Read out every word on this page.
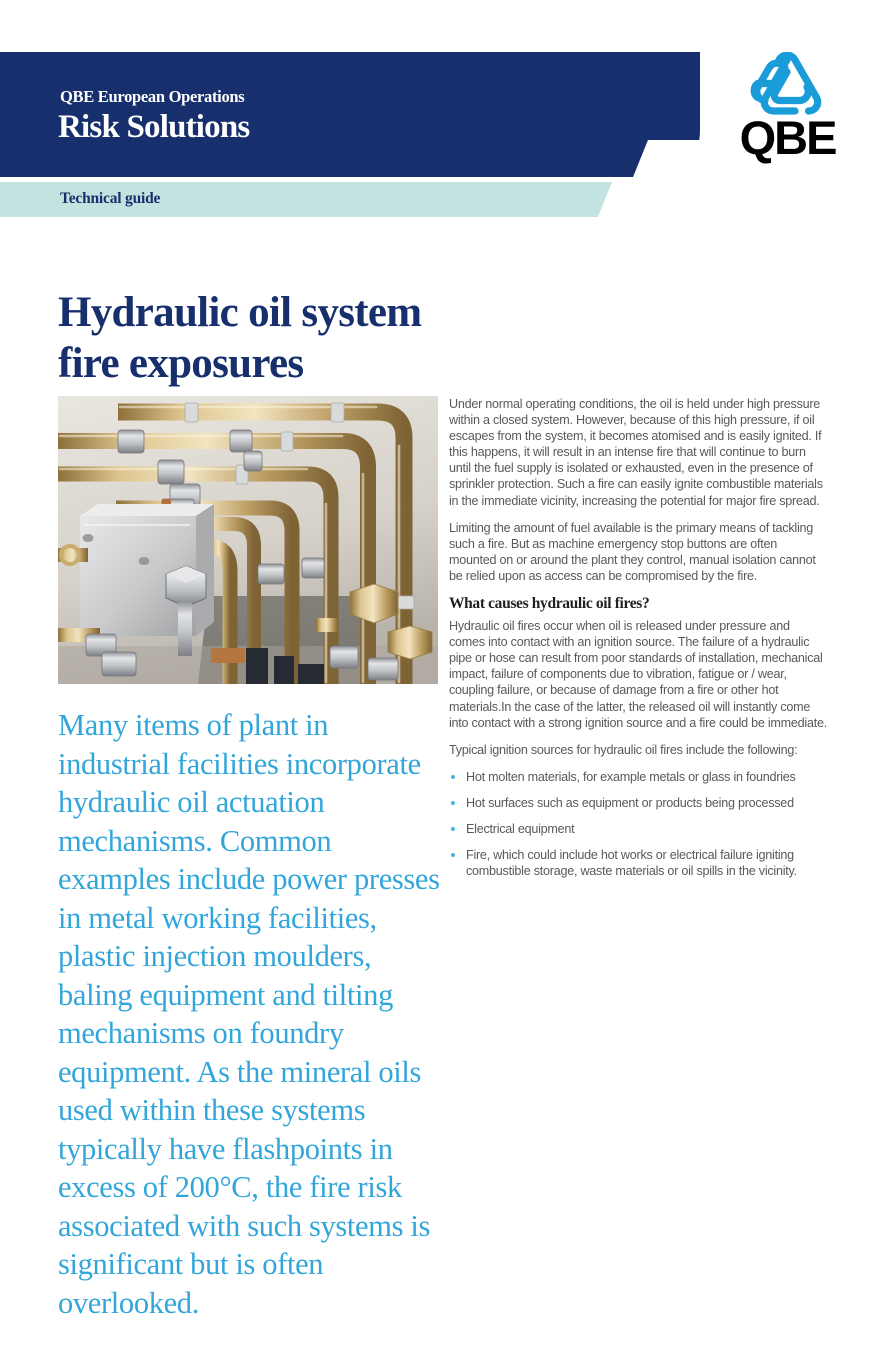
QBE European Operations
Risk Solutions
Technical guide
QBE
Hydraulic oil system
fire exposures

Many items of plant in industrial facilities incorporate hydraulic oil actuation mechanisms. Common examples include power presses in metal working facilities, plastic injection moulders, baling equipment and tilting mechanisms on foundry equipment. As the mineral oils used within these systems typically have flashpoints in excess of 200°C, the fire risk associated with such systems is significant but is often overlooked.

Under normal operating conditions, the oil is held under high pressure within a closed system. However, because of this high pressure, if oil escapes from the system, it becomes atomised and is easily ignited. If this happens, it will result in an intense fire that will continue to burn until the fuel supply is isolated or exhausted, even in the presence of sprinkler protection. Such a fire can easily ignite combustible materials in the immediate vicinity, increasing the potential for major fire spread.

Limiting the amount of fuel available is the primary means of tackling such a fire. But as machine emergency stop buttons are often mounted on or around the plant they control, manual isolation cannot be relied upon as access can be compromised by the fire.

What causes hydraulic oil fires?

Hydraulic oil fires occur when oil is released under pressure and comes into contact with an ignition source. The failure of a hydraulic pipe or hose can result from poor standards of installation, mechanical impact, failure of components due to vibration, fatigue or / wear, coupling failure, or because of damage from a fire or other hot materials.In the case of the latter, the released oil will instantly come into contact with a strong ignition source and a fire could be immediate.

Typical ignition sources for hydraulic oil fires include the following:

Hot molten materials, for example metals or glass in foundries
Hot surfaces such as equipment or products being processed
Electrical equipment
Fire, which could include hot works or electrical failure igniting combustible storage, waste materials or oil spills in the vicinity.
